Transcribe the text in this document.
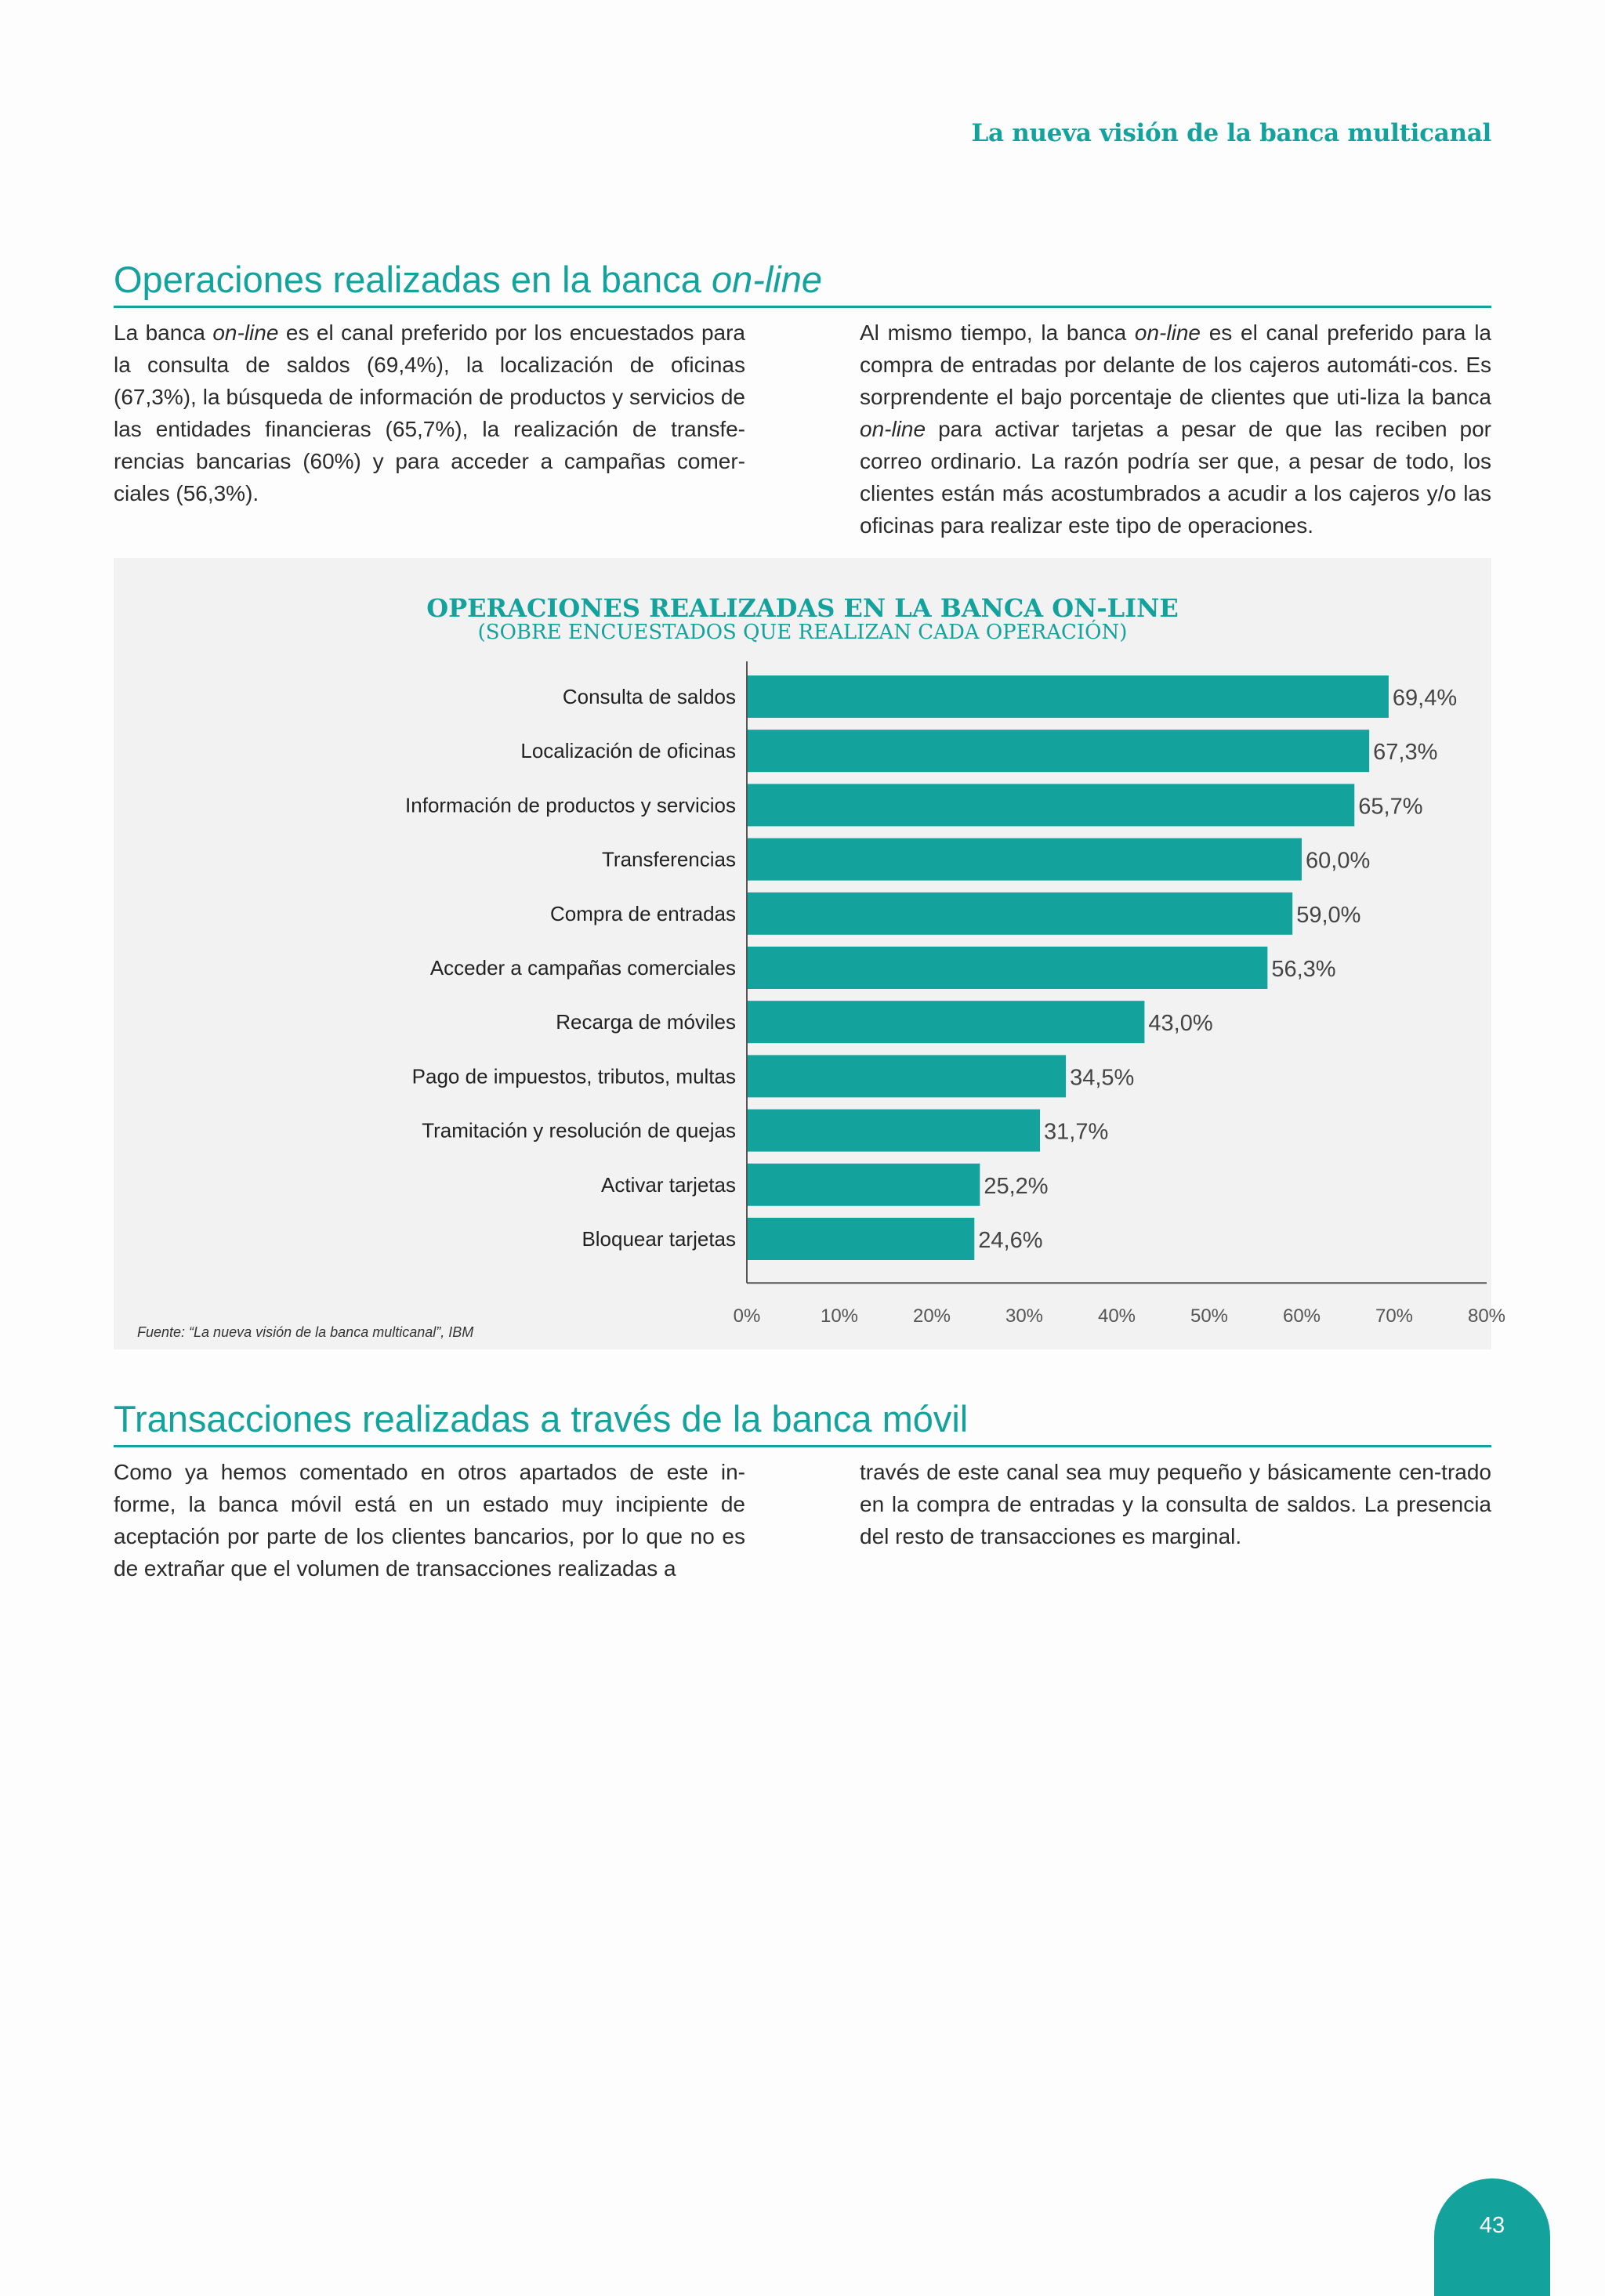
La nueva visión de la banca multicanal
Operaciones realizadas en la banca on-line

La banca on-line es el canal preferido por los encuestados para la consulta de saldos (69,4%), la localización de oficinas (67,3%), la búsqueda de información de productos y servicios de las entidades financieras (65,7%), la realización de transfe-rencias bancarias (60%) y para acceder a campañas comer-ciales (56,3%).

Al mismo tiempo, la banca on-line es el canal preferido para la compra de entradas por delante de los cajeros automáti-cos. Es sorprendente el bajo porcentaje de clientes que uti-liza la banca on-line para activar tarjetas a pesar de que las reciben por correo ordinario. La razón podría ser que, a pesar de todo, los clientes están más acostumbrados a acudir a los cajeros y/o las oficinas para realizar este tipo de operaciones.

OPERACIONES REALIZADAS EN LA BANCA ON-LINE
(SOBRE ENCUESTADOS QUE REALIZAN CADA OPERACIÓN)
Consulta de saldos	69,4%
Localización de oficinas	67,3%
Información de productos y servicios	65,7%
Transferencias	60,0%
Compra de entradas	59,0%
Acceder a campañas comerciales	56,3%
Recarga de móviles	43,0%
Pago de impuestos, tributos, multas	34,5%
Tramitación y resolución de quejas	31,7%
Activar tarjetas	25,2%
Bloquear tarjetas	24,6%
0%	10%	20%	30%	40%	50%	60%	70%	80%
Fuente: “La nueva visión de la banca multicanal”, IBM
Transacciones realizadas a través de la banca móvil

Como ya hemos comentado en otros apartados de este in-forme, la banca móvil está en un estado muy incipiente de aceptación por parte de los clientes bancarios, por lo que no es de extrañar que el volumen de transacciones realizadas a

través de este canal sea muy pequeño y básicamente cen-trado en la compra de entradas y la consulta de saldos. La presencia del resto de transacciones es marginal.

43
